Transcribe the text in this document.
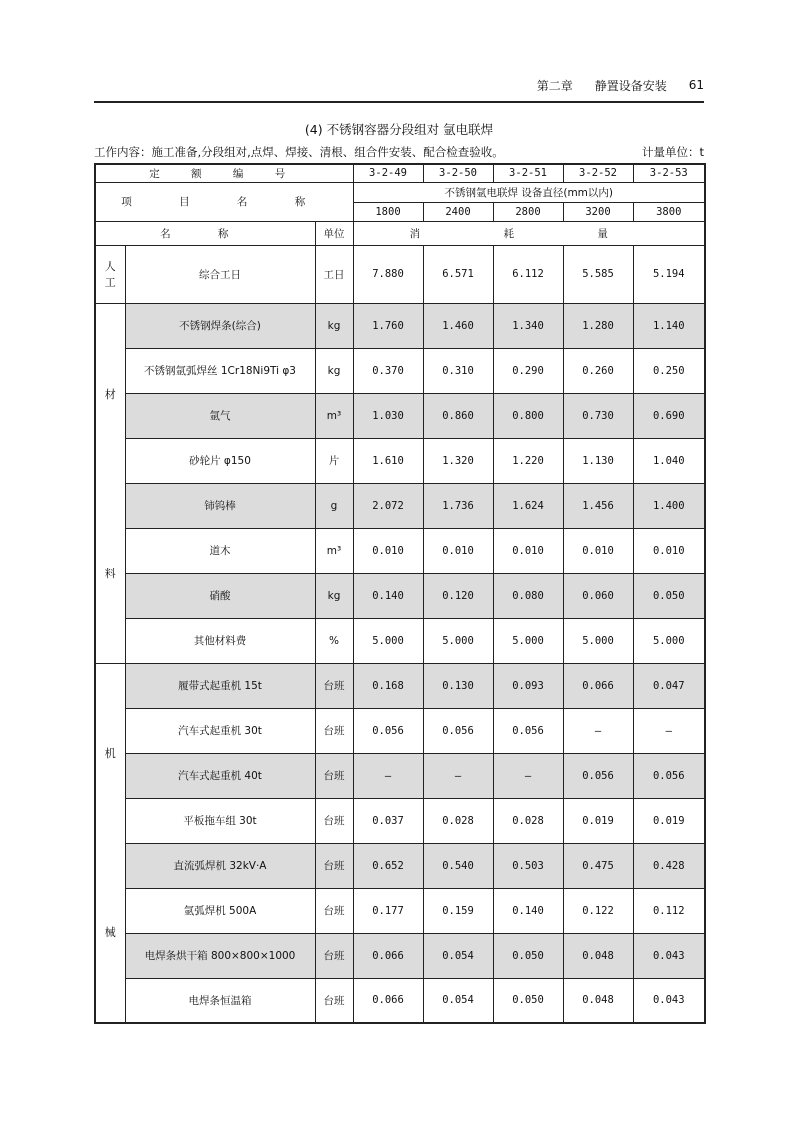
第二章 静置设备安装 61
(4) 不锈钢容器分段组对 氩电联焊
工作内容：施工准备,分段组对,点焊、焊接、清根、组合件安装、配合检查验收。	计量单位：t
定 额 编 号			3-2-49	3-2-50	3-2-51	3-2-52	3-2-53
项 目 名 称			不锈钢氩电联焊 设备直径(mm以内)				
			1800	2400	2800	3200	3800
名 称		单位	消 耗 量				

人
工	综合工日	工日	7.880	6.571	6.112	5.585	5.194

材
料	不锈钢焊条(综合)	kg	1.760	1.460	1.340	1.280	1.140
	不锈钢氩弧焊丝 1Cr18Ni9Ti φ3	kg	0.370	0.310	0.290	0.260	0.250
	氩气	m³	1.030	0.860	0.800	0.730	0.690
	砂轮片 φ150	片	1.610	1.320	1.220	1.130	1.040
	铈钨棒	g	2.072	1.736	1.624	1.456	1.400
	道木	m³	0.010	0.010	0.010	0.010	0.010
	硝酸	kg	0.140	0.120	0.080	0.060	0.050
	其他材料费	%	5.000	5.000	5.000	5.000	5.000

机
械	履带式起重机 15t	台班	0.168	0.130	0.093	0.066	0.047
	汽车式起重机 30t	台班	0.056	0.056	0.056	—	—
	汽车式起重机 40t	台班	—	—	—	0.056	0.056
	平板拖车组 30t	台班	0.037	0.028	0.028	0.019	0.019
	直流弧焊机 32kV·A	台班	0.652	0.540	0.503	0.475	0.428
	氩弧焊机 500A	台班	0.177	0.159	0.140	0.122	0.112
	电焊条烘干箱 800×800×1000	台班	0.066	0.054	0.050	0.048	0.043
	电焊条恒温箱	台班	0.066	0.054	0.050	0.048	0.043
